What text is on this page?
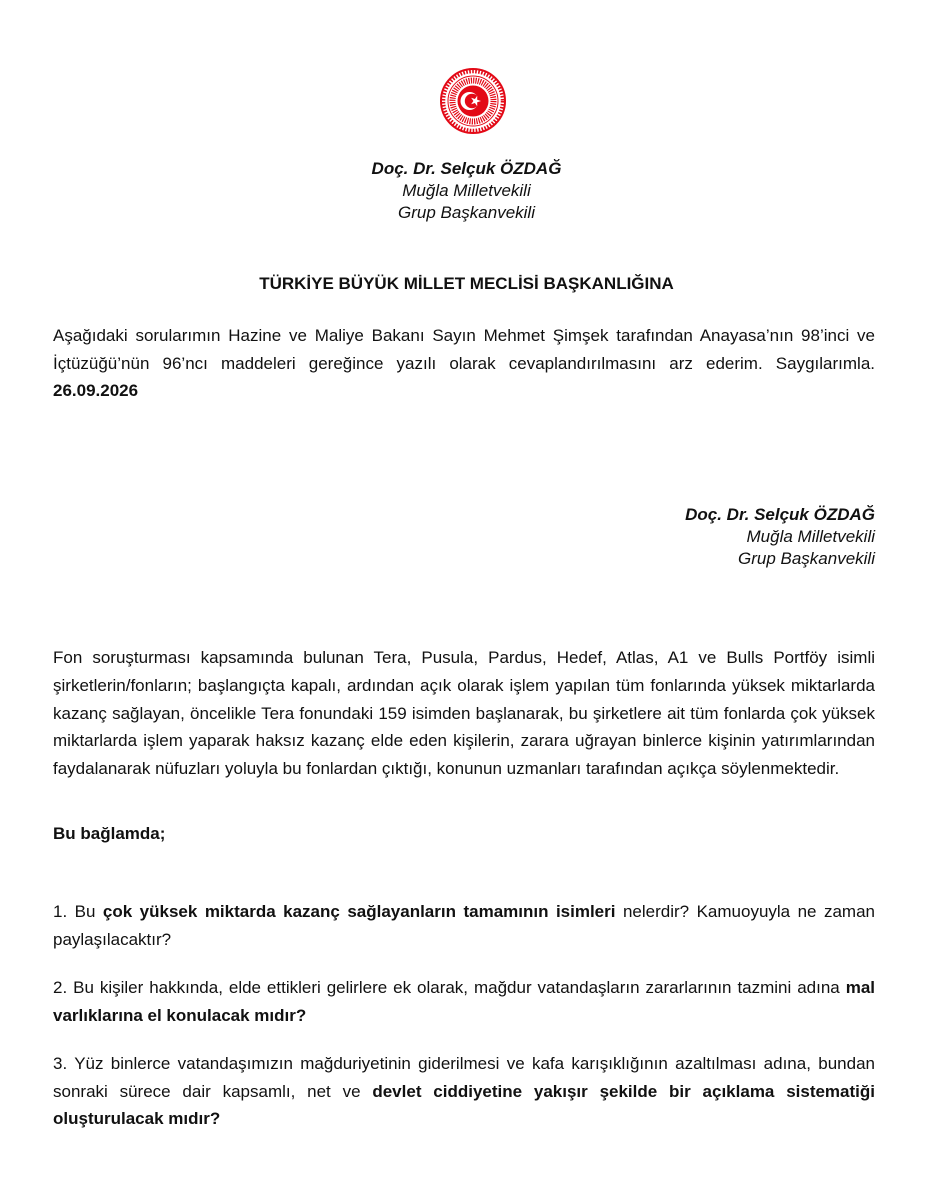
Doç. Dr. Selçuk ÖZDAĞ
Muğla Milletvekili
Grup Başkanvekili
TÜRKİYE BÜYÜK MİLLET MECLİSİ BAŞKANLIĞINA
Aşağıdaki sorularımın Hazine ve Maliye Bakanı Sayın Mehmet Şimşek tarafından Anayasa’nın 98’inci ve İçtüzüğü’nün 96’ncı maddeleri gereğince yazılı olarak cevaplandırılmasını arz ederim. Saygılarımla. 26.09.2026
Doç. Dr. Selçuk ÖZDAĞ
Muğla Milletvekili
Grup Başkanvekili
Fon soruşturması kapsamında bulunan Tera, Pusula, Pardus, Hedef, Atlas, A1 ve Bulls Portföy isimli şirketlerin/fonların; başlangıçta kapalı, ardından açık olarak işlem yapılan tüm fonlarında yüksek miktarlarda kazanç sağlayan, öncelikle Tera fonundaki 159 isimden başlanarak, bu şirketlere ait tüm fonlarda çok yüksek miktarlarda işlem yaparak haksız kazanç elde eden kişilerin, zarara uğrayan binlerce kişinin yatırımlarından faydalanarak nüfuzları yoluyla bu fonlardan çıktığı, konunun uzmanları tarafından açıkça söylenmektedir.
Bu bağlamda;
1. Bu çok yüksek miktarda kazanç sağlayanların tamamının isimleri nelerdir? Kamuoyuyla ne zaman paylaşılacaktır?
2. Bu kişiler hakkında, elde ettikleri gelirlere ek olarak, mağdur vatandaşların zararlarının tazmini adına mal varlıklarına el konulacak mıdır?
3. Yüz binlerce vatandaşımızın mağduriyetinin giderilmesi ve kafa karışıklığının azaltılması adına, bundan sonraki sürece dair kapsamlı, net ve devlet ciddiyetine yakışır şekilde bir açıklama sistematiği oluşturulacak mıdır?
